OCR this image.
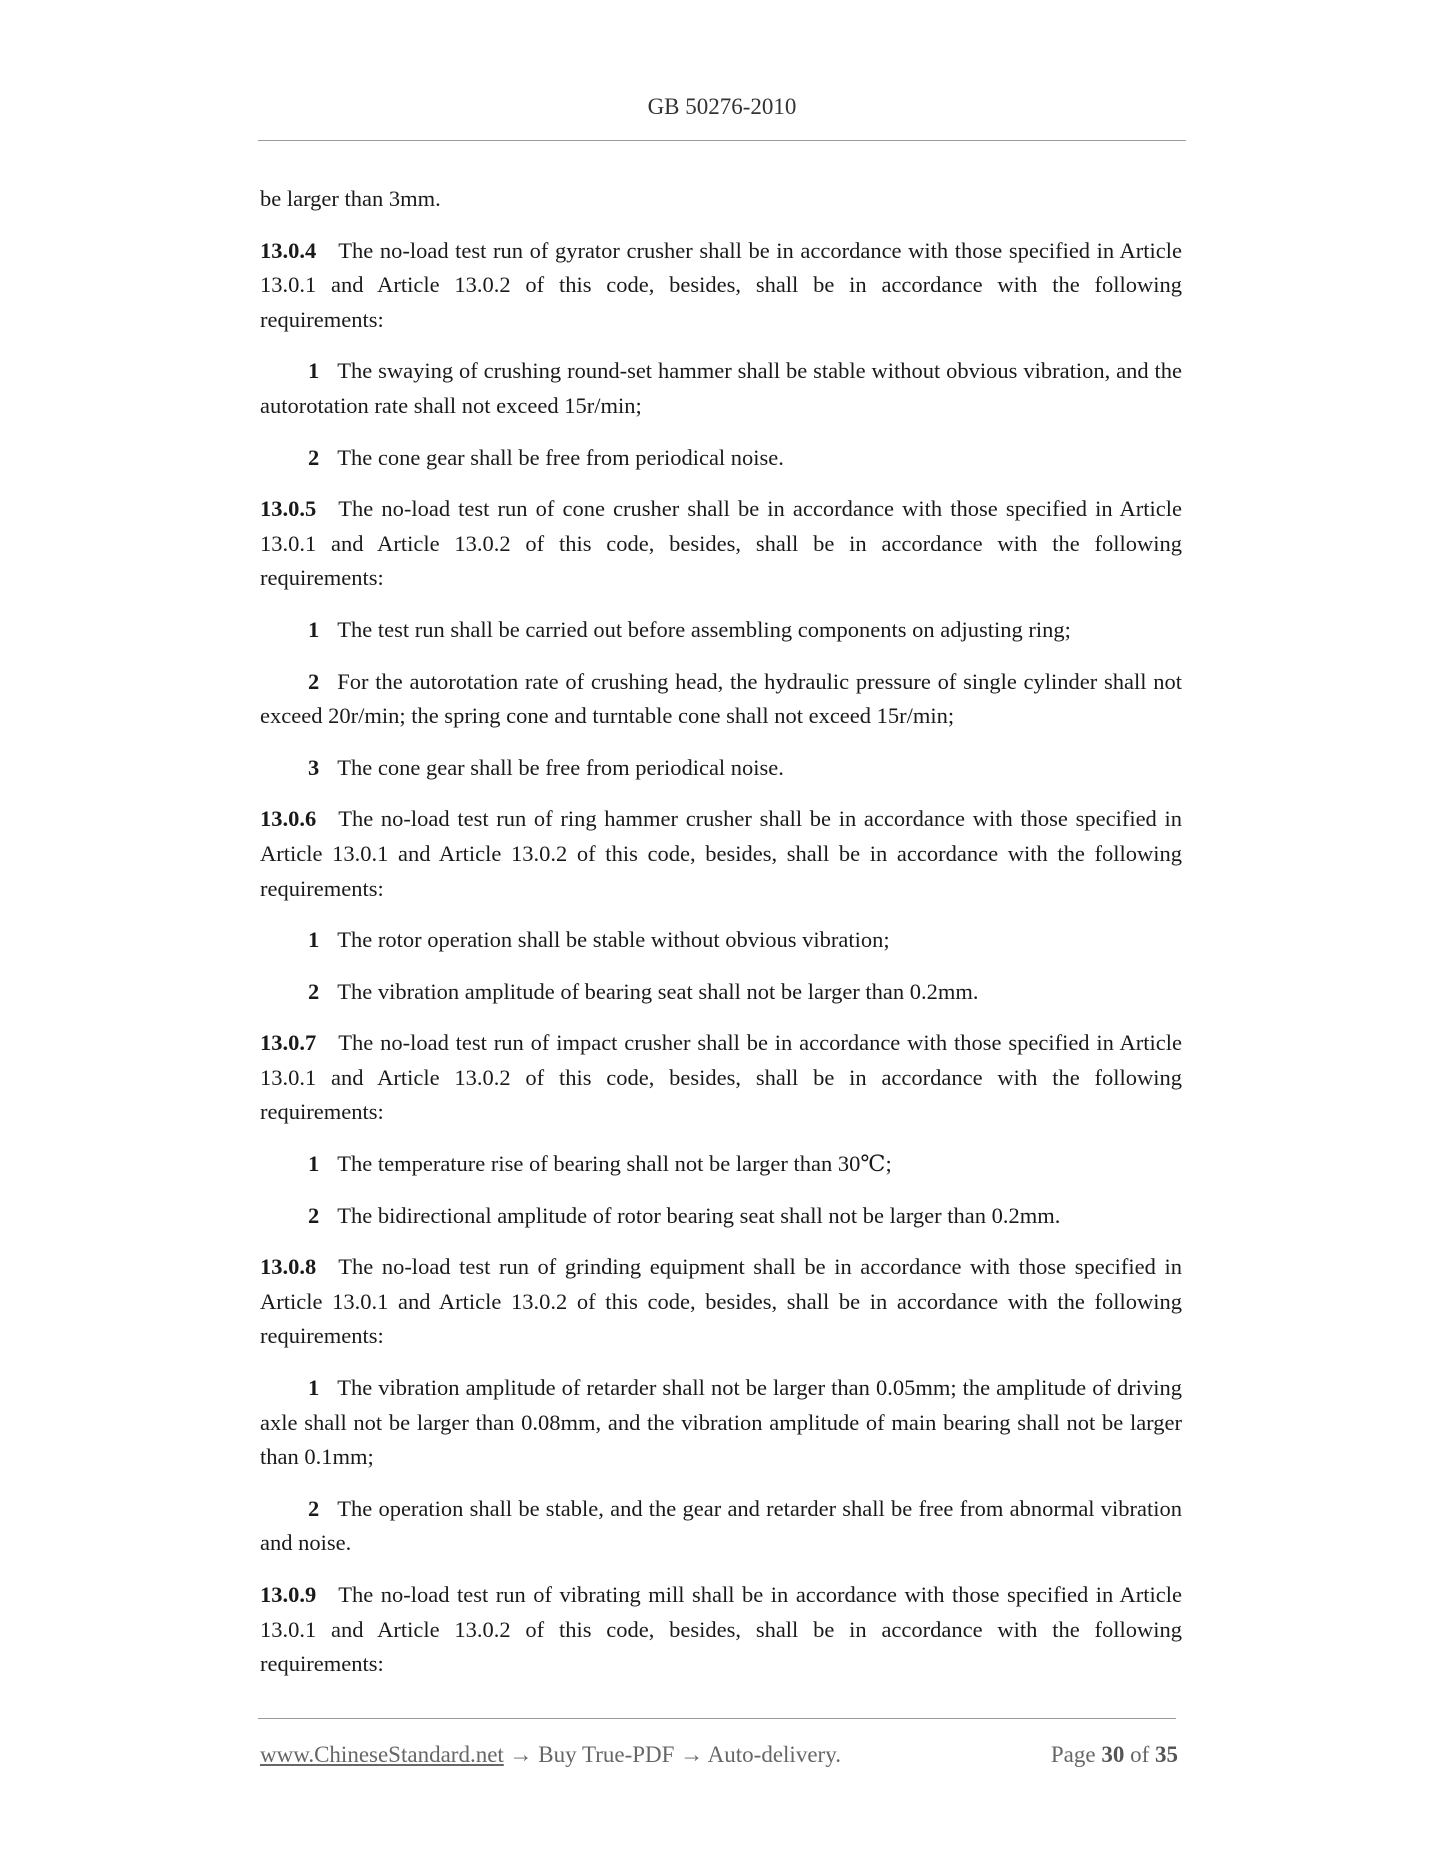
GB 50276-2010

be larger than 3mm.

13.0.4 The no-load test run of gyrator crusher shall be in accordance with those specified in Article 13.0.1 and Article 13.0.2 of this code, besides, shall be in accordance with the following requirements:

1 The swaying of crushing round-set hammer shall be stable without obvious vibration, and the autorotation rate shall not exceed 15r/min;

2 The cone gear shall be free from periodical noise.

13.0.5 The no-load test run of cone crusher shall be in accordance with those specified in Article 13.0.1 and Article 13.0.2 of this code, besides, shall be in accordance with the following requirements:

1 The test run shall be carried out before assembling components on adjusting ring;

2 For the autorotation rate of crushing head, the hydraulic pressure of single cylinder shall not exceed 20r/min; the spring cone and turntable cone shall not exceed 15r/min;

3 The cone gear shall be free from periodical noise.

13.0.6 The no-load test run of ring hammer crusher shall be in accordance with those specified in Article 13.0.1 and Article 13.0.2 of this code, besides, shall be in accordance with the following requirements:

1 The rotor operation shall be stable without obvious vibration;

2 The vibration amplitude of bearing seat shall not be larger than 0.2mm.

13.0.7 The no-load test run of impact crusher shall be in accordance with those specified in Article 13.0.1 and Article 13.0.2 of this code, besides, shall be in accordance with the following requirements:

1 The temperature rise of bearing shall not be larger than 30℃;

2 The bidirectional amplitude of rotor bearing seat shall not be larger than 0.2mm.

13.0.8 The no-load test run of grinding equipment shall be in accordance with those specified in Article 13.0.1 and Article 13.0.2 of this code, besides, shall be in accordance with the following requirements:

1 The vibration amplitude of retarder shall not be larger than 0.05mm; the amplitude of driving axle shall not be larger than 0.08mm, and the vibration amplitude of main bearing shall not be larger than 0.1mm;

2 The operation shall be stable, and the gear and retarder shall be free from abnormal vibration and noise.

13.0.9 The no-load test run of vibrating mill shall be in accordance with those specified in Article 13.0.1 and Article 13.0.2 of this code, besides, shall be in accordance with the following requirements:

www.ChineseStandard.net → Buy True-PDF → Auto-delivery.	Page 30 of 35
